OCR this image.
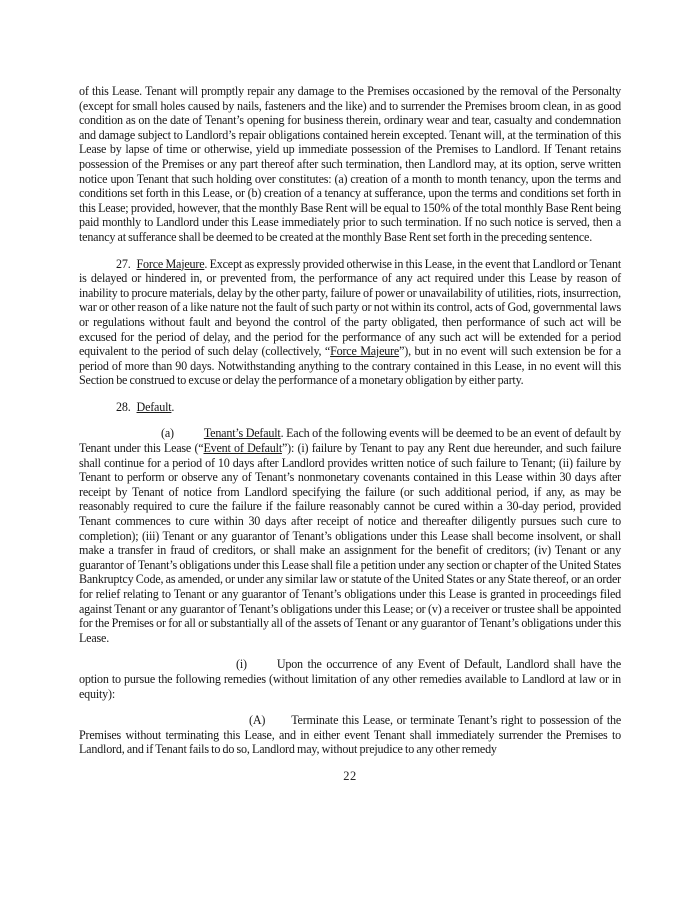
of this Lease. Tenant will promptly repair any damage to the Premises occasioned by the removal of the Personalty (except for small holes caused by nails, fasteners and the like) and to surrender the Premises broom clean, in as good condition as on the date of Tenant’s opening for business therein, ordinary wear and tear, casualty and condemnation and damage subject to Landlord’s repair obligations contained herein excepted. Tenant will, at the termination of this Lease by lapse of time or otherwise, yield up immediate possession of the Premises to Landlord. If Tenant retains possession of the Premises or any part thereof after such termination, then Landlord may, at its option, serve written notice upon Tenant that such holding over constitutes: (a) creation of a month to month tenancy, upon the terms and conditions set forth in this Lease, or (b) creation of a tenancy at sufferance, upon the terms and conditions set forth in this Lease; provided, however, that the monthly Base Rent will be equal to 150% of the total monthly Base Rent being paid monthly to Landlord under this Lease immediately prior to such termination. If no such notice is served, then a tenancy at sufferance shall be deemed to be created at the monthly Base Rent set forth in the preceding sentence.

27. Force Majeure. Except as expressly provided otherwise in this Lease, in the event that Landlord or Tenant is delayed or hindered in, or prevented from, the performance of any act required under this Lease by reason of inability to procure materials, delay by the other party, failure of power or unavailability of utilities, riots, insurrection, war or other reason of a like nature not the fault of such party or not within its control, acts of God, governmental laws or regulations without fault and beyond the control of the party obligated, then performance of such act will be excused for the period of delay, and the period for the performance of any such act will be extended for a period equivalent to the period of such delay (collectively, “Force Majeure”), but in no event will such extension be for a period of more than 90 days. Notwithstanding anything to the contrary contained in this Lease, in no event will this Section be construed to excuse or delay the performance of a monetary obligation by either party.

28. Default.

(a) Tenant’s Default. Each of the following events will be deemed to be an event of default by Tenant under this Lease (“Event of Default”): (i) failure by Tenant to pay any Rent due hereunder, and such failure shall continue for a period of 10 days after Landlord provides written notice of such failure to Tenant; (ii) failure by Tenant to perform or observe any of Tenant’s nonmonetary covenants contained in this Lease within 30 days after receipt by Tenant of notice from Landlord specifying the failure (or such additional period, if any, as may be reasonably required to cure the failure if the failure reasonably cannot be cured within a 30-day period, provided Tenant commences to cure within 30 days after receipt of notice and thereafter diligently pursues such cure to completion); (iii) Tenant or any guarantor of Tenant’s obligations under this Lease shall become insolvent, or shall make a transfer in fraud of creditors, or shall make an assignment for the benefit of creditors; (iv) Tenant or any guarantor of Tenant’s obligations under this Lease shall file a petition under any section or chapter of the United States Bankruptcy Code, as amended, or under any similar law or statute of the United States or any State thereof, or an order for relief relating to Tenant or any guarantor of Tenant’s obligations under this Lease is granted in proceedings filed against Tenant or any guarantor of Tenant’s obligations under this Lease; or (v) a receiver or trustee shall be appointed for the Premises or for all or substantially all of the assets of Tenant or any guarantor of Tenant’s obligations under this Lease.

(i) Upon the occurrence of any Event of Default, Landlord shall have the option to pursue the following remedies (without limitation of any other remedies available to Landlord at law or in equity):

(A) Terminate this Lease, or terminate Tenant’s right to possession of the Premises without terminating this Lease, and in either event Tenant shall immediately surrender the Premises to Landlord, and if Tenant fails to do so, Landlord may, without prejudice to any other remedy

22
